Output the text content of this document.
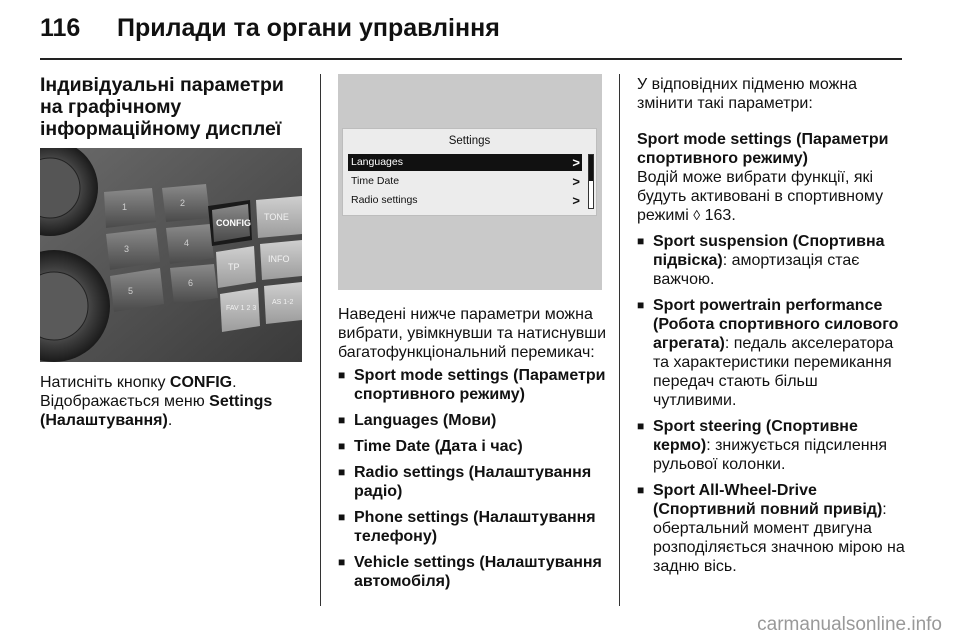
116 Прилади та органи управління
Індивідуальні параметри на графічному інформаційному дисплеї
1	2
3
4
5
6
CONFIG
TONE
TP
INFO
FAV 1 2 3
AS 1-2
Натисніть кнопку CONFIG.
Відображається меню Settings
(Налаштування).
Settings
Languages	>
Time Date	>
Radio settings	>
Наведені нижче параметри можна вибрати, увімкнувши та натиснувши багатофункціональний перемикач:
■ Sport mode settings (Параметри спортивного режиму)
■ Languages (Мови)
■ Time Date (Дата і час)
■ Radio settings (Налаштування радіо)
■ Phone settings (Налаштування телефону)
■ Vehicle settings (Налаштування автомобіля)

У відповідних підменю можна змінити такі параметри:

Sport mode settings (Параметри спортивного режиму)

Водій може вибрати функції, які будуть активовані в спортивному режимі ◊ 163.

■ Sport suspension (Спортивна підвіска): амортизація стає важчою.
■ Sport powertrain performance (Робота спортивного силового агрегата): педаль акселератора та характеристики перемикання передач стають більш чутливими.
■ Sport steering (Спортивне кермо): знижується підсилення рульової колонки.
■ Sport All-Wheel-Drive (Спортивний повний привід): обертальний момент двигуна розподіляється значною мірою на задню вісь.
carmanualsonline.info
